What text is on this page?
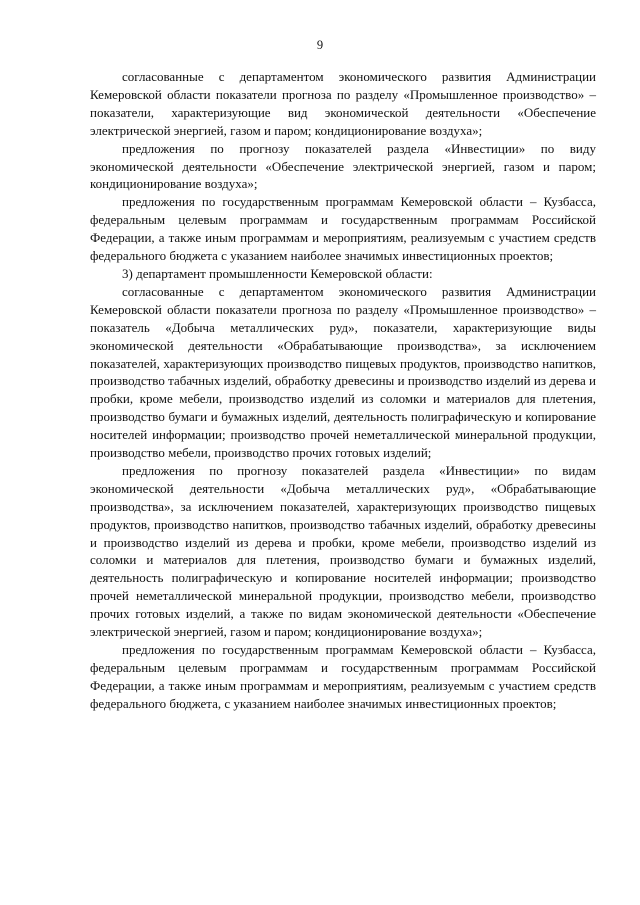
9

согласованные с департаментом экономического развития Администрации Кемеровской области показатели прогноза по разделу «Промышленное производство» – показатели, характеризующие вид экономической деятельности «Обеспечение электрической энергией, газом и паром; кондиционирование воздуха»;

предложения по прогнозу показателей раздела «Инвестиции» по виду экономической деятельности «Обеспечение электрической энергией, газом и паром; кондиционирование воздуха»;

предложения по государственным программам Кемеровской области – Кузбасса, федеральным целевым программам и государственным программам Российской Федерации, а также иным программам и мероприятиям, реализуемым с участием средств федерального бюджета с указанием наиболее значимых инвестиционных проектов;

3) департамент промышленности Кемеровской области:

согласованные с департаментом экономического развития Администрации Кемеровской области показатели прогноза по разделу «Промышленное производство» – показатель «Добыча металлических руд», показатели, характеризующие виды экономической деятельности «Обрабатывающие производства», за исключением показателей, характеризующих производство пищевых продуктов, производство напитков, производство табачных изделий, обработку древесины и производство изделий из дерева и пробки, кроме мебели, производство изделий из соломки и материалов для плетения, производство бумаги и бумажных изделий, деятельность полиграфическую и копирование носителей информации; производство прочей неметаллической минеральной продукции, производство мебели, производство прочих готовых изделий;

предложения по прогнозу показателей раздела «Инвестиции» по видам экономической деятельности «Добыча металлических руд», «Обрабатывающие производства», за исключением показателей, характеризующих производство пищевых продуктов, производство напитков, производство табачных изделий, обработку древесины и производство изделий из дерева и пробки, кроме мебели, производство изделий из соломки и материалов для плетения, производство бумаги и бумажных изделий, деятельность полиграфическую и копирование носителей информации; производство прочей неметаллической минеральной продукции, производство мебели, производство прочих готовых изделий, а также по видам экономической деятельности «Обеспечение электрической энергией, газом и паром; кондиционирование воздуха»;

предложения по государственным программам Кемеровской области – Кузбасса, федеральным целевым программам и государственным программам Российской Федерации, а также иным программам и мероприятиям, реализуемым с участием средств федерального бюджета, с указанием наиболее значимых инвестиционных проектов;
